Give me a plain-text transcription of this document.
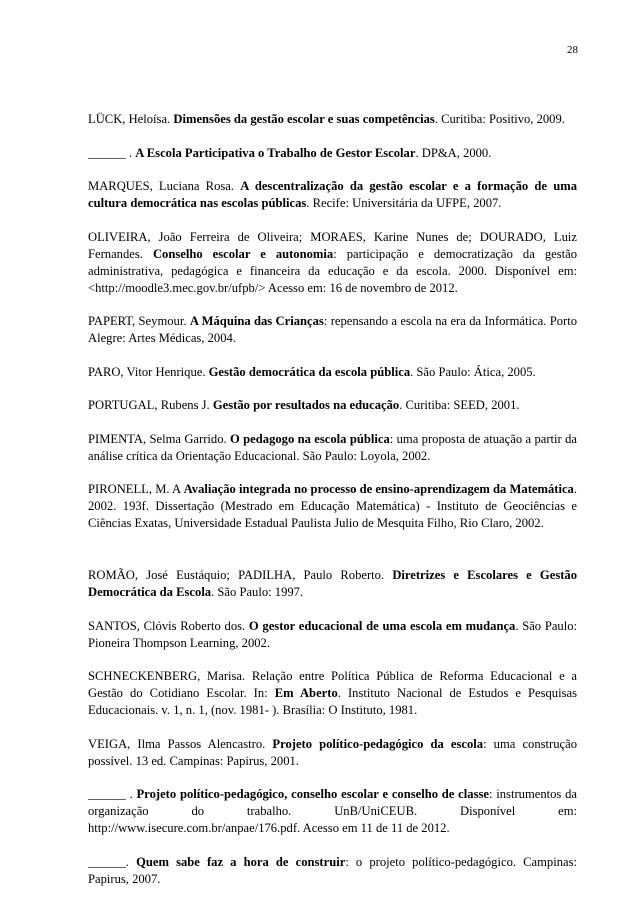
28

LÜCK, Heloísa. Dimensões da gestão escolar e suas competências. Curitiba: Positivo, 2009.

______ . A Escola Participativa o Trabalho de Gestor Escolar. DP&A, 2000.

MARQUES, Luciana Rosa. A descentralização da gestão escolar e a formação de uma cultura democrática nas escolas públicas. Recife: Universitária da UFPE, 2007.

OLIVEIRA, João Ferreira de Oliveira; MORAES, Karine Nunes de; DOURADO, Luiz Fernandes. Conselho escolar e autonomia: participação e democratização da gestão administrativa, pedagógica e financeira da educação e da escola. 2000. Disponível em: <http://moodle3.mec.gov.br/ufpb/> Acesso em: 16 de novembro de 2012.

PAPERT, Seymour. A Máquina das Crianças: repensando a escola na era da Informática. Porto Alegre: Artes Médicas, 2004.

PARO, Vitor Henrique. Gestão democrática da escola pública. São Paulo: Ática, 2005.

PORTUGAL, Rubens J. Gestão por resultados na educação. Curitiba: SEED, 2001.

PIMENTA, Selma Garrido. O pedagogo na escola pública: uma proposta de atuação a partir da análise crítica da Orientação Educacional. São Paulo: Loyola, 2002.

PIRONELL, M. A Avaliação integrada no processo de ensino-aprendizagem da Matemática. 2002. 193f. Dissertação (Mestrado em Educação Matemática) - Instituto de Geociências e Ciências Exatas, Universidade Estadual Paulista Julio de Mesquita Filho, Rio Claro, 2002.

ROMÃO, José Eustáquio; PADILHA, Paulo Roberto. Diretrizes e Escolares e Gestão Democrática da Escola. São Paulo: 1997.

SANTOS, Clóvis Roberto dos. O gestor educacional de uma escola em mudança. São Paulo: Pioneira Thompson Learning, 2002.

SCHNECKENBERG, Marisa. Relação entre Política Pública de Reforma Educacional e a Gestão do Cotidiano Escolar. In: Em Aberto. Instituto Nacional de Estudos e Pesquisas Educacionais. v. 1, n. 1, (nov. 1981- ). Brasília: O Instituto, 1981.

VEIGA, Ilma Passos Alencastro. Projeto político-pedagógico da escola: uma construção possível. 13 ed. Campinas: Papirus, 2001.

______ . Projeto político-pedagógico, conselho escolar e conselho de classe: instrumentos da organização do trabalho. UnB/UniCEUB. Disponível em: http://www.isecure.com.br/anpae/176.pdf. Acesso em 11 de 11 de 2012.

______. Quem sabe faz a hora de construir: o projeto político-pedagógico. Campinas: Papirus, 2007.
